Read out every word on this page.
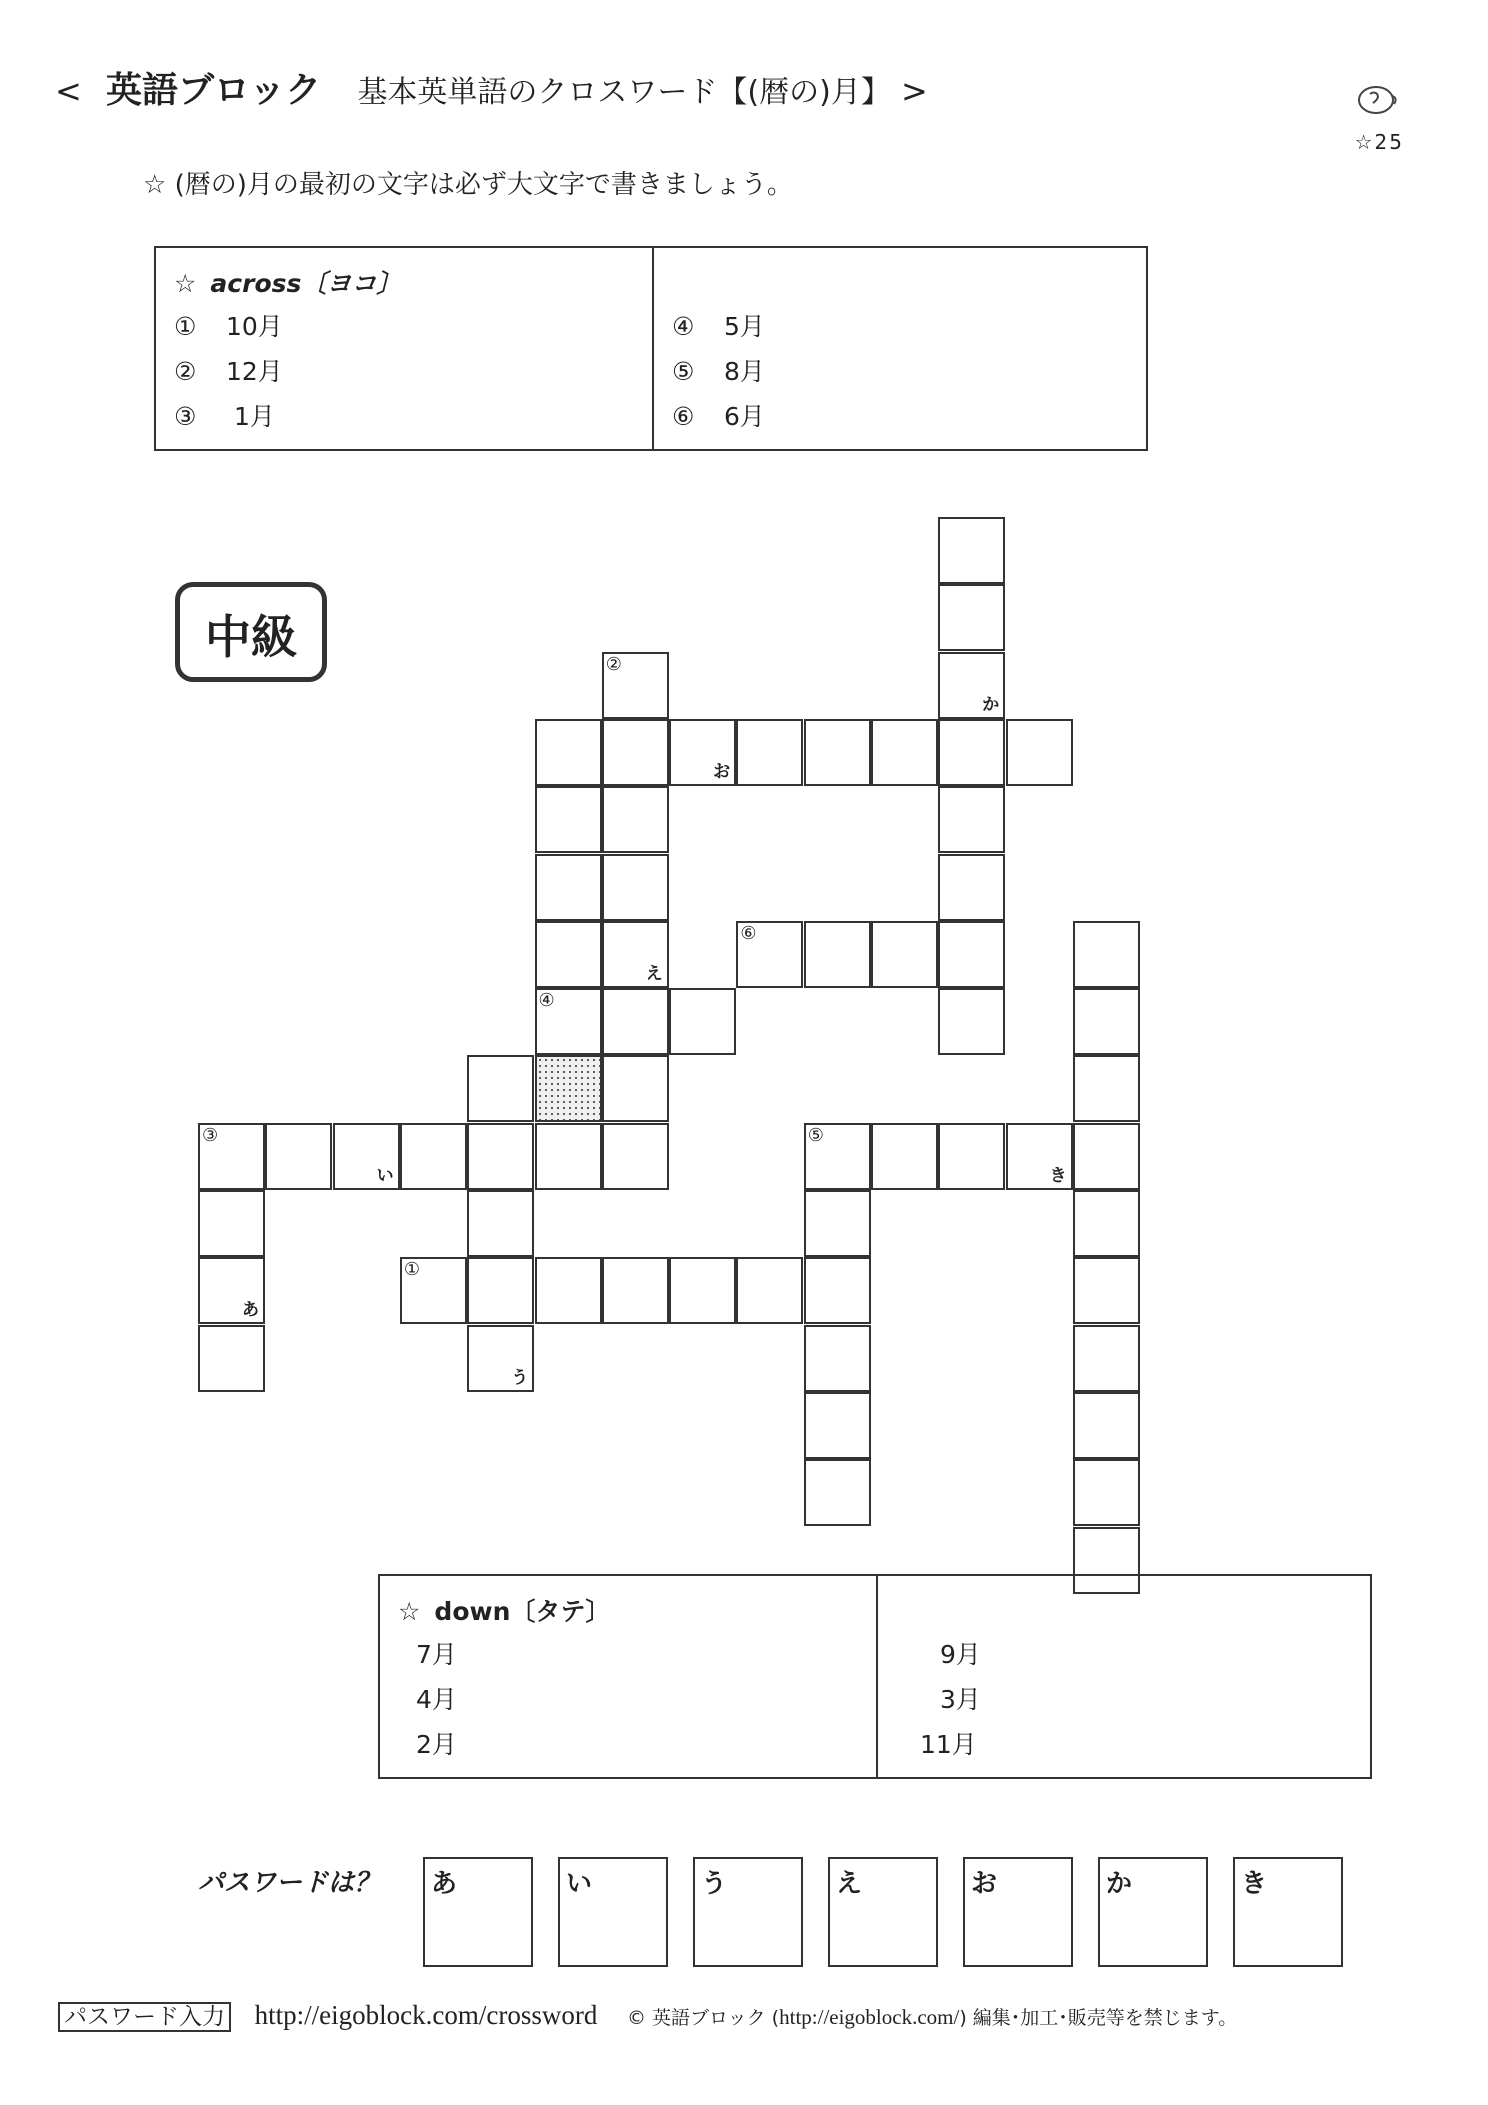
< 英語ブロック 基本英単語のクロスワード【(暦の)月】 >
☆25
☆ (暦の)月の最初の文字は必ず大文字で書きましょう。
☆ across〔ヨコ〕
① 10月
② 12月
③ 1月

④ 5月
⑤ 8月
⑥ 6月
中級
か
②
え
お
⑥
④
③
い
⑤
き
あ
う
①
☆ down〔タテ〕
7月
4月
2月

9月
3月
11月
パスワードは？ あ	い	う	え	お	か	き
パスワード入力 http://eigoblock.com/crossword © 英語ブロック (http://eigoblock.com/) 編集･加工･販売等を禁じます。
